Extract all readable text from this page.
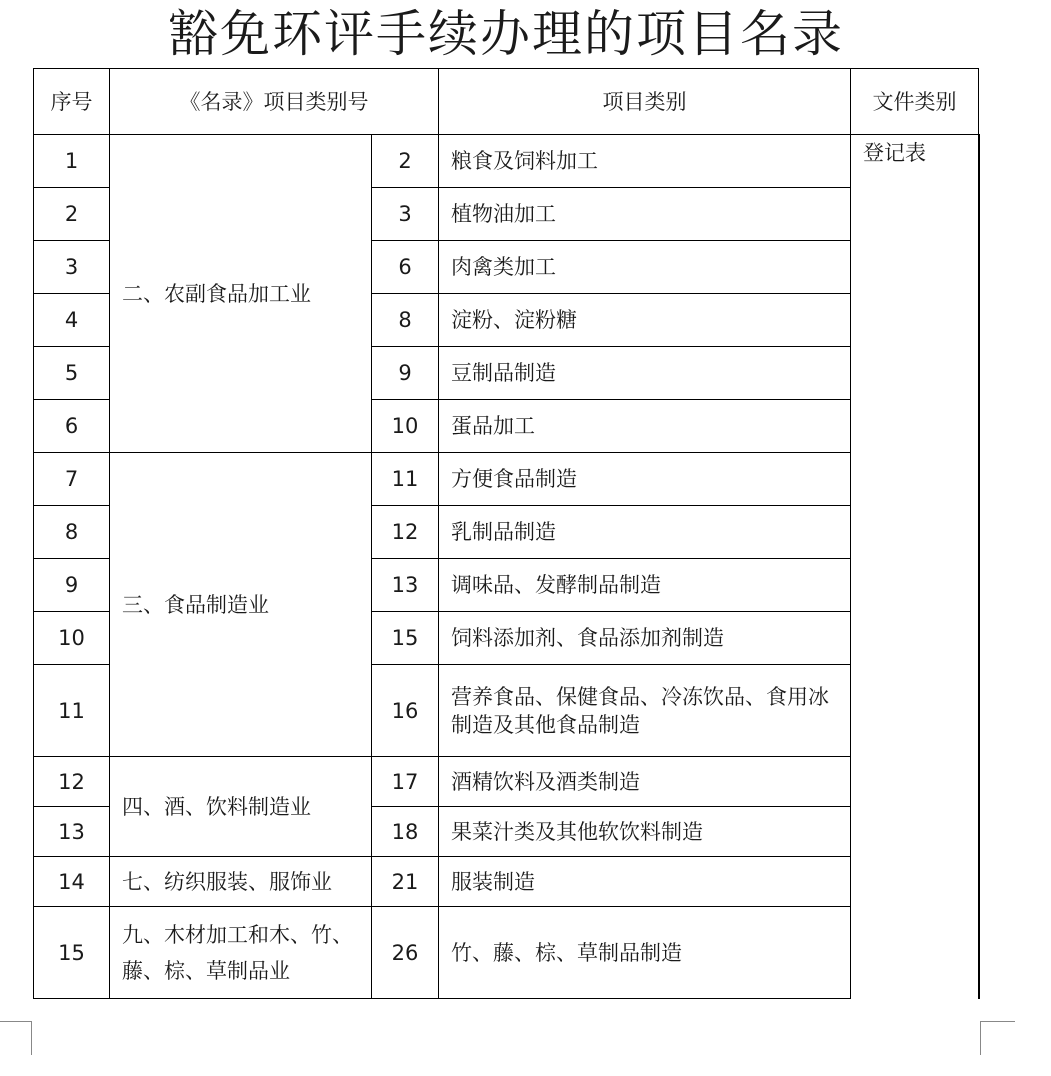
豁免环评手续办理的项目名录
序号	《名录》项目类别号		项目类别	文件类别
1	二、农副食品加工业	2	粮食及饲料加工	登记表
2		3	植物油加工	
3		6	肉禽类加工	
4		8	淀粉、淀粉糖	
5		9	豆制品制造	
6		10	蛋品加工	
7	三、食品制造业	11	方便食品制造	
8		12	乳制品制造	
9		13	调味品、发酵制品制造	
10		15	饲料添加剂、食品添加剂制造	
11		16	营养食品、保健食品、冷冻饮品、食用冰制造及其他食品制造	
12	四、酒、饮料制造业	17	酒精饮料及酒类制造	
13		18	果菜汁类及其他软饮料制造	
14	七、纺织服装、服饰业	21	服装制造	
15	九、木材加工和木、竹、藤、棕、草制品业	26	竹、藤、棕、草制品制造	
